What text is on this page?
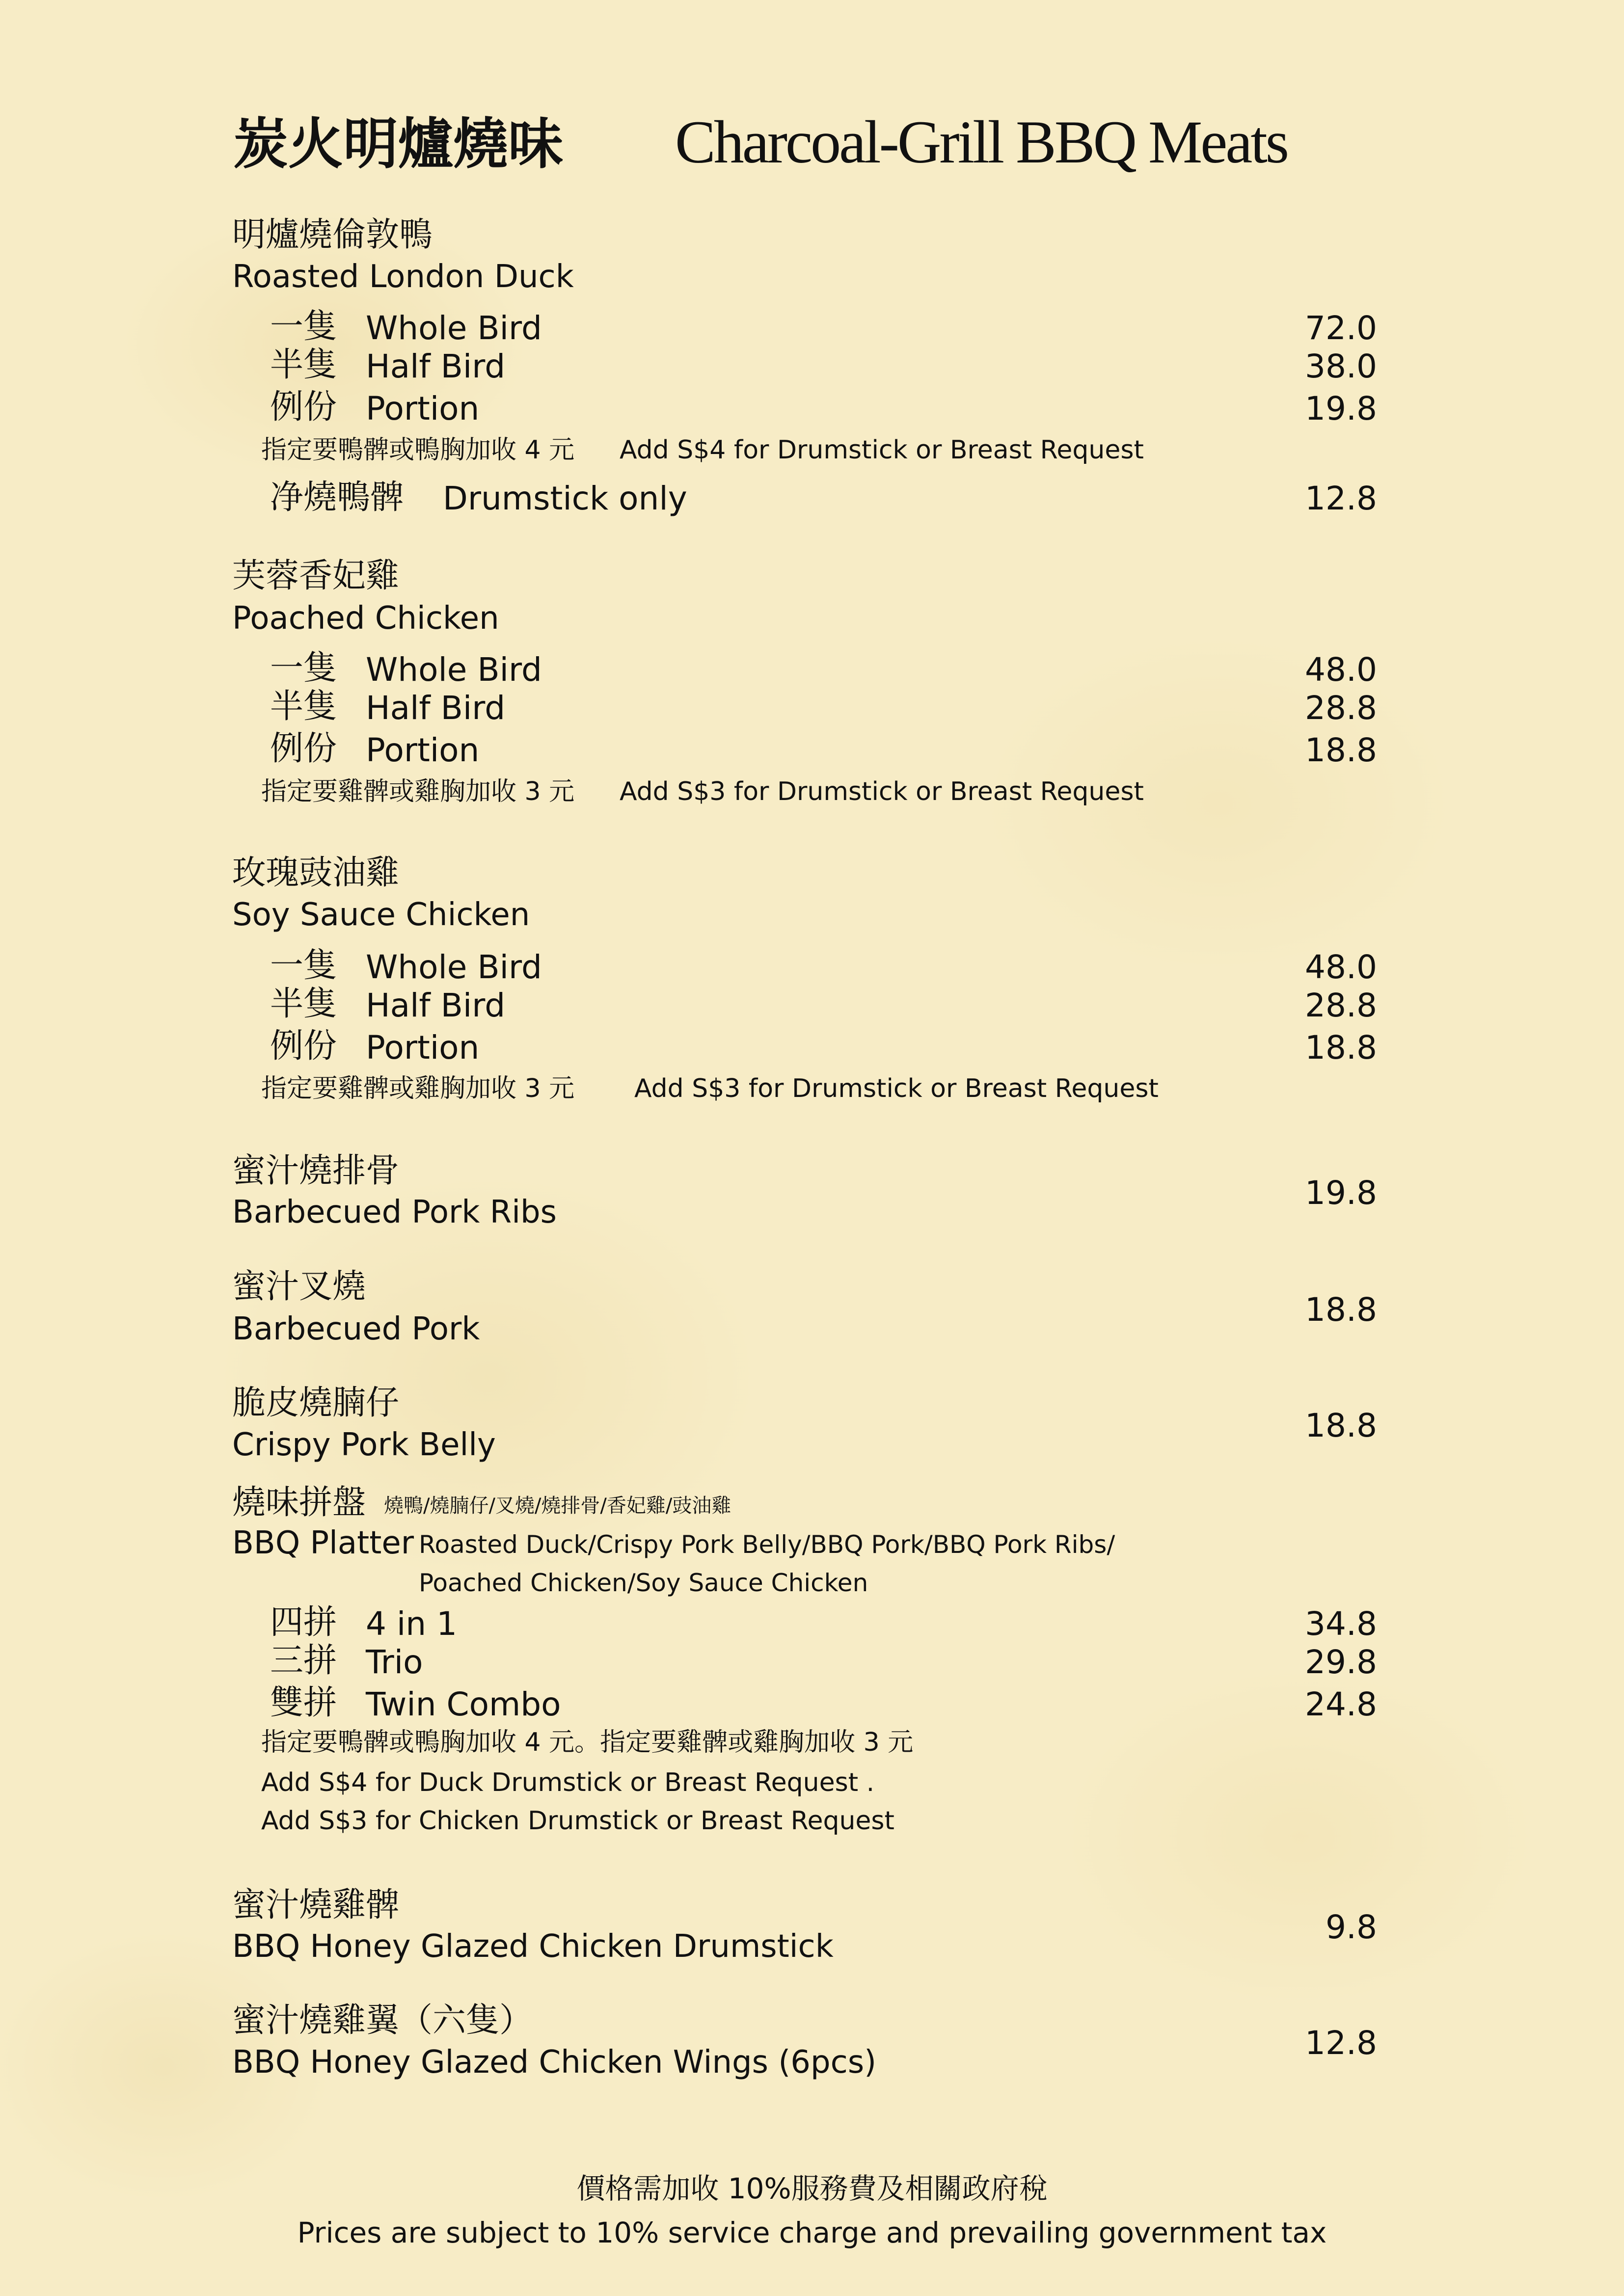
炭火明爐燒味 Charcoal-Grill BBQ Meats
明爐燒倫敦鴨
Roasted London Duck
一隻 Whole Bird	72.0
半隻 Half Bird	38.0
例份 Portion	19.8
指定要鴨髀或鴨胸加收 4 元 Add S$4 for Drumstick or Breast Request
净燒鴨髀 Drumstick only	12.8
芙蓉香妃雞
Poached Chicken
一隻 Whole Bird	48.0
半隻 Half Bird	28.8
例份 Portion	18.8
指定要雞髀或雞胸加收 3 元 Add S$3 for Drumstick or Breast Request
玫瑰豉油雞
Soy Sauce Chicken
一隻 Whole Bird	48.0
半隻 Half Bird	28.8
例份 Portion	18.8
指定要雞髀或雞胸加收 3 元 Add S$3 for Drumstick or Breast Request
蜜汁燒排骨
Barbecued Pork Ribs
19.8
蜜汁叉燒
Barbecued Pork
18.8
脆皮燒腩仔
Crispy Pork Belly
18.8
燒味拼盤 燒鴨/燒腩仔/叉燒/燒排骨/香妃雞/豉油雞
BBQ Platter Roasted Duck/Crispy Pork Belly/BBQ Pork/BBQ Pork Ribs/
Poached Chicken/Soy Sauce Chicken
四拼 4 in 1	34.8
三拼 Trio	29.8
雙拼 Twin Combo	24.8
指定要鴨髀或鴨胸加收 4 元。指定要雞髀或雞胸加收 3 元
Add S$4 for Duck Drumstick or Breast Request .
Add S$3 for Chicken Drumstick or Breast Request
蜜汁燒雞髀
BBQ Honey Glazed Chicken Drumstick
9.8
蜜汁燒雞翼（六隻）
BBQ Honey Glazed Chicken Wings (6pcs)
12.8
價格需加收 10%服務費及相關政府稅
Prices are subject to 10% service charge and prevailing government tax
